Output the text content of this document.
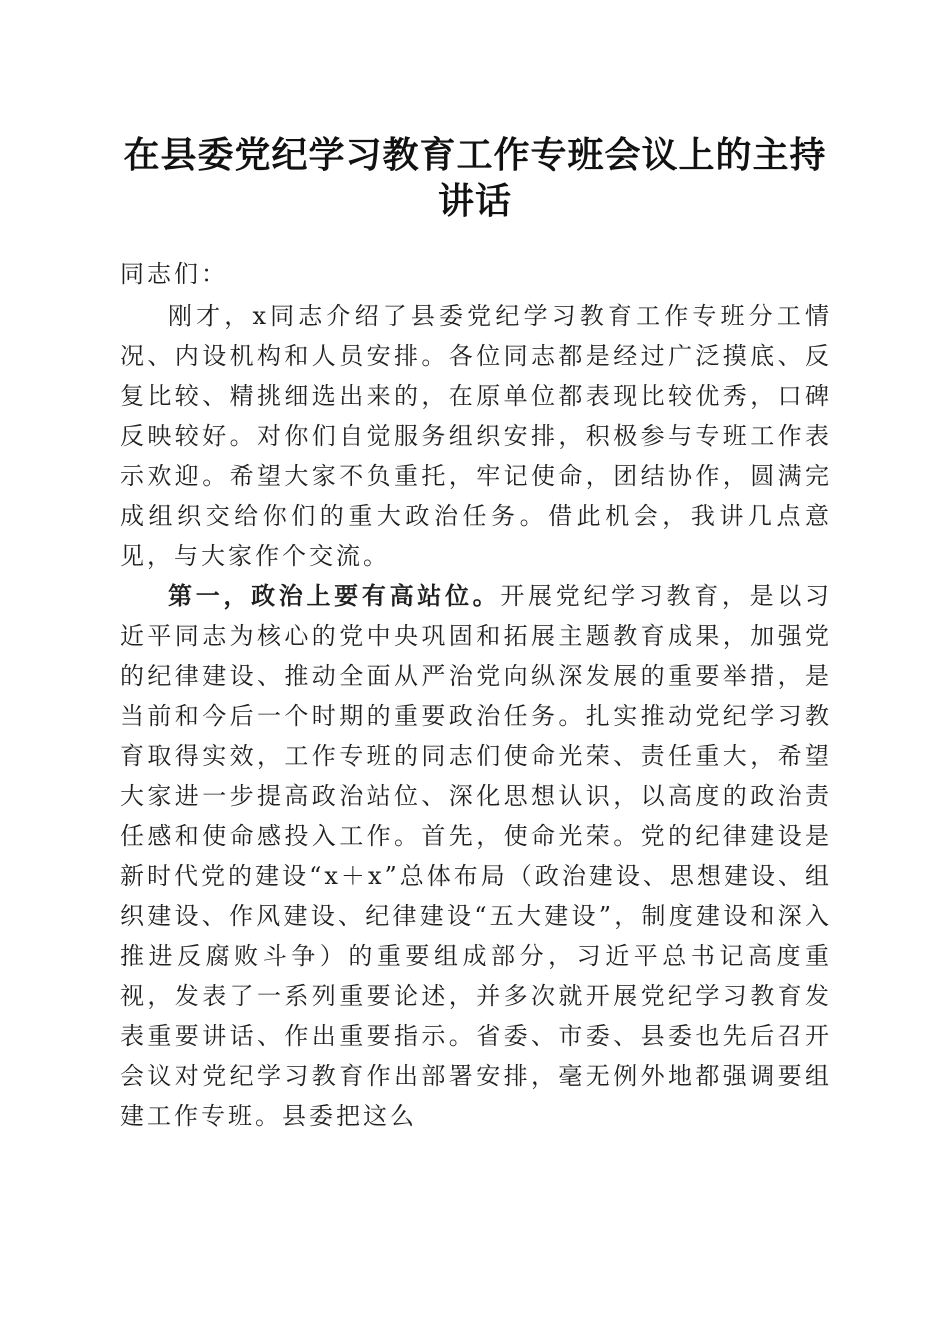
在县委党纪学习教育工作专班会议上的主持讲话

同志们：

刚才，x同志介绍了县委党纪学习教育工作专班分工情况、内设机构和人员安排。各位同志都是经过广泛摸底、反复比较、精挑细选出来的，在原单位都表现比较优秀，口碑反映较好。对你们自觉服务组织安排，积极参与专班工作表示欢迎。希望大家不负重托，牢记使命，团结协作，圆满完成组织交给你们的重大政治任务。借此机会，我讲几点意见，与大家作个交流。

第一，政治上要有高站位。开展党纪学习教育，是以习近平同志为核心的党中央巩固和拓展主题教育成果，加强党的纪律建设、推动全面从严治党向纵深发展的重要举措，是当前和今后一个时期的重要政治任务。扎实推动党纪学习教育取得实效，工作专班的同志们使命光荣、责任重大，希望大家进一步提高政治站位、深化思想认识，以高度的政治责任感和使命感投入工作。首先，使命光荣。党的纪律建设是新时代党的建设“x＋x”总体布局（政治建设、思想建设、组织建设、作风建设、纪律建设“五大建设”，制度建设和深入推进反腐败斗争）的重要组成部分，习近平总书记高度重视，发表了一系列重要论述，并多次就开展党纪学习教育发表重要讲话、作出重要指示。省委、市委、县委也先后召开会议对党纪学习教育作出部署安排，毫无例外地都强调要组建工作专班。县委把这么
